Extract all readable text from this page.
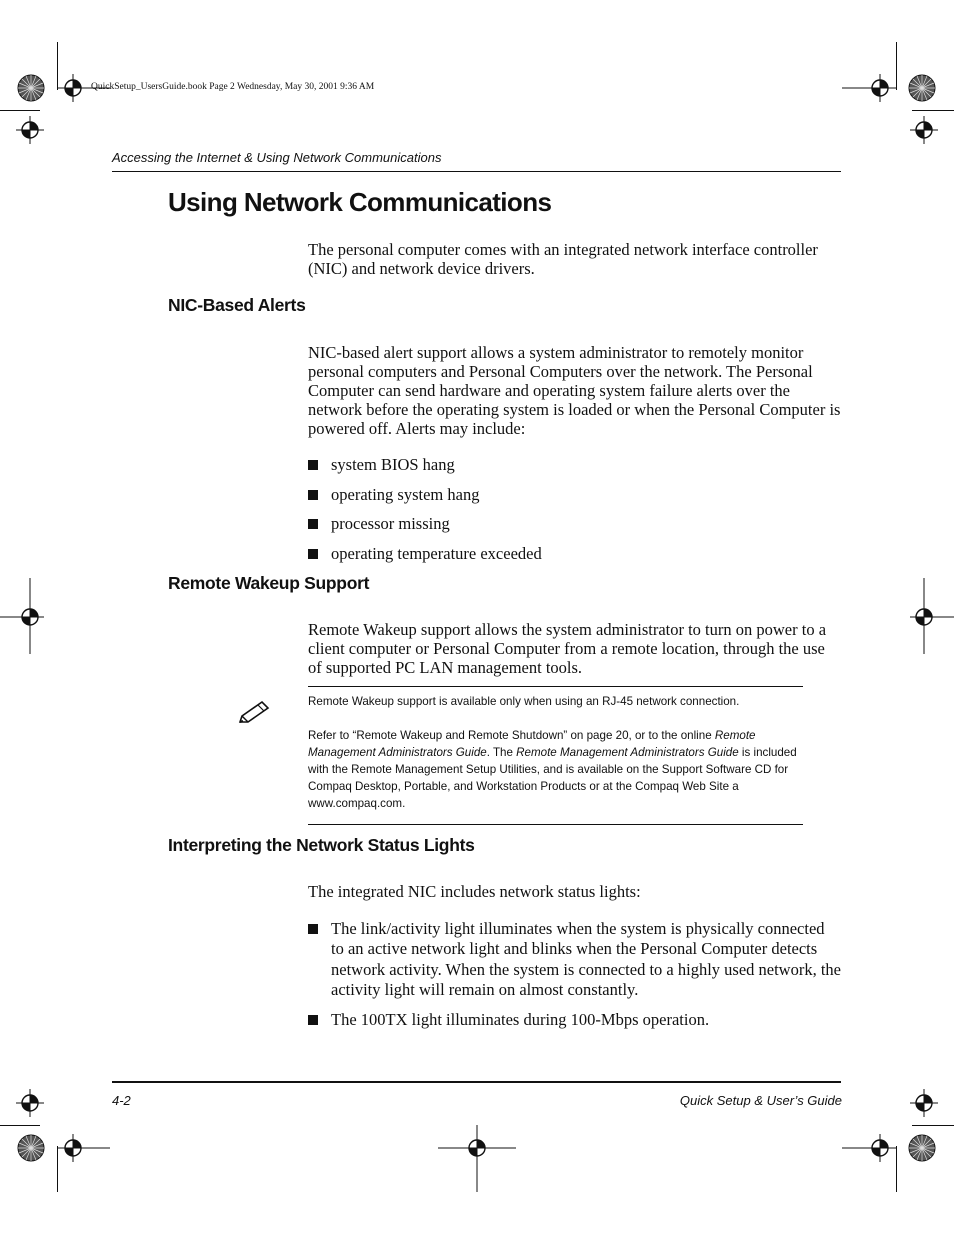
QuickSetup_UsersGuide.book Page 2 Wednesday, May 30, 2001 9:36 AM
Accessing the Internet & Using Network Communications
Using Network Communications

The personal computer comes with an integrated network interface controller (NIC) and network device drivers.

NIC-Based Alerts

NIC-based alert support allows a system administrator to remotely monitor personal computers and Personal Computers over the network. The Personal Computer can send hardware and operating system failure alerts over the network before the operating system is loaded or when the Personal Computer is powered off. Alerts may include:

system BIOS hang
operating system hang
processor missing
operating temperature exceeded
Remote Wakeup Support

Remote Wakeup support allows the system administrator to turn on power to a client computer or Personal Computer from a remote location, through the use of supported PC LAN management tools.

Remote Wakeup support is available only when using an RJ-45 network connection.

Refer to “Remote Wakeup and Remote Shutdown” on page 20, or to the online Remote Management Administrators Guide. The Remote Management Administrators Guide is included with the Remote Management Setup Utilities, and is available on the Support Software CD for Compaq Desktop, Portable, and Workstation Products or at the Compaq Web Site a www.compaq.com.

Interpreting the Network Status Lights

The integrated NIC includes network status lights:

The link/activity light illuminates when the system is physically connected to an active network light and blinks when the Personal Computer detects network activity. When the system is connected to a highly used network, the activity light will remain on almost constantly.
The 100TX light illuminates during 100-Mbps operation.
4-2	Quick Setup & User’s Guide
